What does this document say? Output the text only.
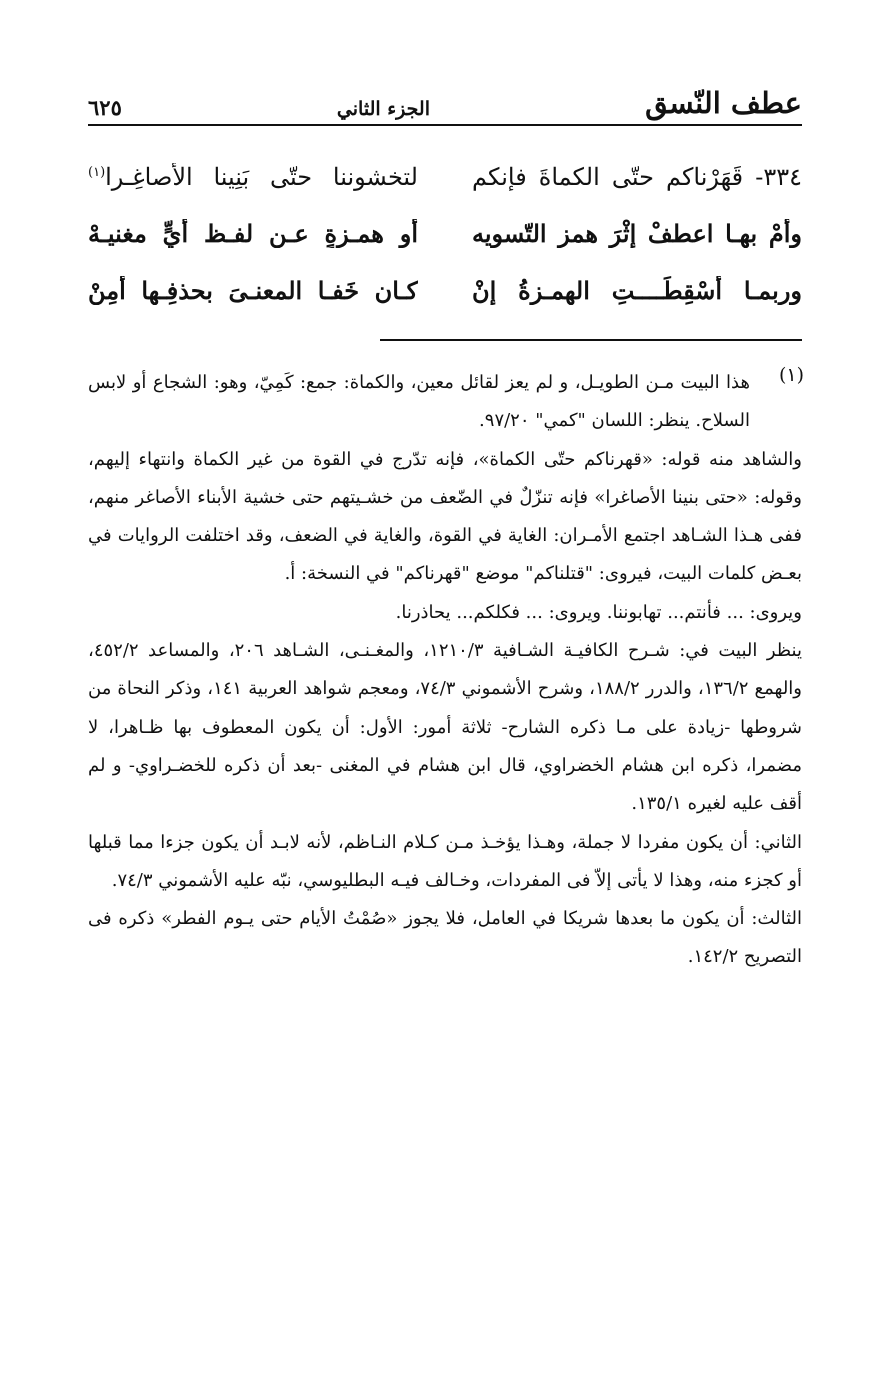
عطف النّسق
الجزء الثاني
٦٢٥
٣٣٤- قَهَرْناكم حتّى الكماةَ فإنكم
لتخشوننا حتّى بَنِينا الأصاغِـرا$^{(١)}$
وأَمْ بهـا اعطفْ إثْرَ همزِ التّسويه
أو همـزةٍ عـن لفـظ أيٍّ مغنيـهْ
وربمـا أُسْقِطَــــتِ الهمـزةُ إنْ
كـان خَفـا المعنـىَ بحذفِـها أُمِنْ
(١)

هذا البيت مـن الطويـل، و لم يعز لقائل معين، والكماة: جمع: كَمِيّ، وهو: الشجاع أو لابس السلاح. ينظر: اللسان "كمي" ٩٧/٢٠.

والشاهد منه قوله: «قهرناكم حتّى الكماة»، فإنه تدّرج في القوة من غير الكماة وانتهاء إليهم، وقوله: «حتى بنينا الأصاغرا» فإنه تنزّلٌ في الضّعف من خشـيتهم حتى خشية الأبناء الأصاغر منهم، ففى هـذا الشـاهد اجتمع الأمـران: الغاية في القوة، والغاية في الضعف، وقد اختلفت الروايات في بعـض كلمات البيت، فيروى: "قتلناكم" موضع "قهرناكم" في النسخة: أ.

ويروى: ... فأنتم... تهابوننا. ويروى: ... فكلكم... يحاذرنا.

ينظر البيت في: شـرح الكافيـة الشـافية ١٢١٠/٣، والمغـنـى، الشـاهد ٢٠٦، والمساعد ٤٥٢/٢، والهمع ١٣٦/٢، والدرر ١٨٨/٢، وشرح الأشموني ٧٤/٣، ومعجم شواهد العربية ١٤١، وذكر النحاة من شروطها -زيادة على مـا ذكره الشارح- ثلاثة أمور: الأول: أن يكون المعطوف بها ظـاهرا، لا مضمرا، ذكره ابن هشام الخضراوي، قال ابن هشام في المغنى -بعد أن ذكره للخضـراوي- و لم أقف عليه لغيره ١٣٥/١.

الثاني: أن يكون مفردا لا جملة، وهـذا يؤخـذ مـن كـلام النـاظم، لأنه لابـد أن يكون جزءا مما قبلها أو كجزء منه، وهذا لا يأتى إلاّ فى المفردات، وخـالف فيـه البطليوسي، نبّه عليه الأشموني ٧٤/٣.

الثالث: أن يكون ما بعدها شريكا في العامل، فلا يجوز «صُمْتُ الأيام حتى يـوم الفطر» ذكره فى التصريح ١٤٢/٢.
